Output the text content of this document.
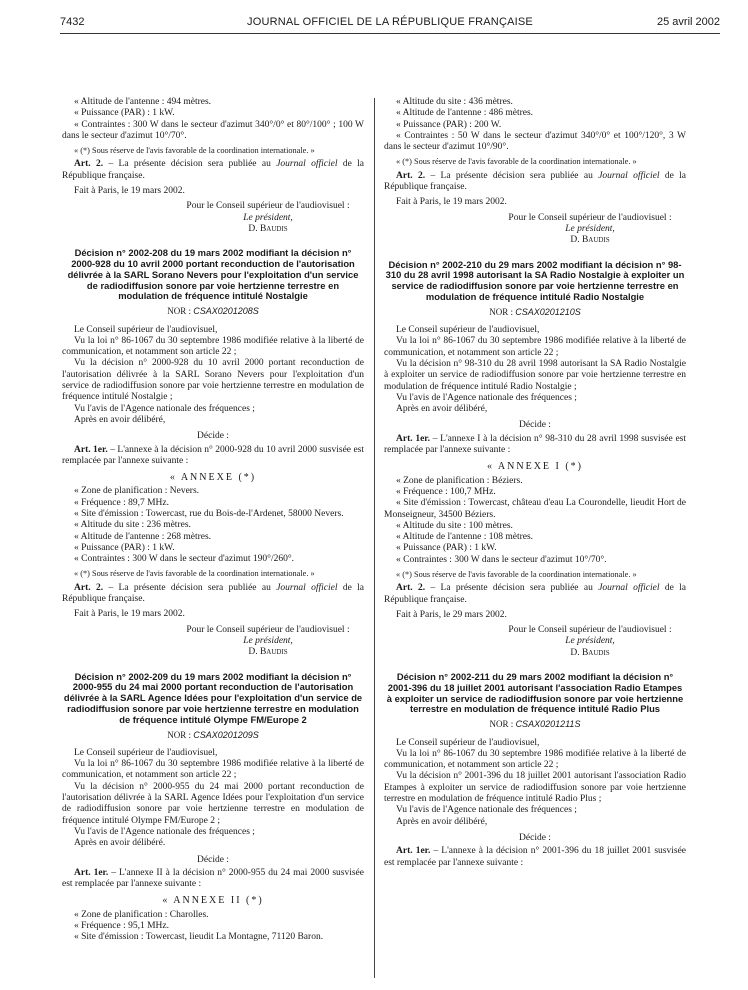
7432	JOURNAL OFFICIEL DE LA RÉPUBLIQUE FRANÇAISE	25 avril 2002

« Altitude de l'antenne : 494 mètres.

« Puissance (PAR) : 1 kW.

« Contraintes : 300 W dans le secteur d'azimut 340°/0° et 80°/100° ; 100 W dans le secteur d'azimut 10°/70°.

« (*) Sous réserve de l'avis favorable de la coordination internationale. »

Art. 2. – La présente décision sera publiée au Journal officiel de la République française.

Fait à Paris, le 19 mars 2002.

Pour le Conseil supérieur de l'audiovisuel :

Le président,

D. Baudis

Décision n° 2002-208 du 19 mars 2002 modifiant la décision n° 2000-928 du 10 avril 2000 portant reconduction de l'autorisation délivrée à la SARL Sorano Nevers pour l'exploitation d'un service de radiodiffusion sonore par voie hertzienne terrestre en modulation de fréquence intitulé Nostalgie

NOR : CSAX0201208S

Le Conseil supérieur de l'audiovisuel,

Vu la loi n° 86-1067 du 30 septembre 1986 modifiée relative à la liberté de communication, et notamment son article 22 ;

Vu la décision n° 2000-928 du 10 avril 2000 portant reconduction de l'autorisation délivrée à la SARL Sorano Nevers pour l'exploitation d'un service de radiodiffusion sonore par voie hertzienne terrestre en modulation de fréquence intitulé Nostalgie ;

Vu l'avis de l'Agence nationale des fréquences ;

Après en avoir délibéré,

Décide :

Art. 1er. – L'annexe à la décision n° 2000-928 du 10 avril 2000 susvisée est remplacée par l'annexe suivante :

« ANNEXE (*)

« Zone de planification : Nevers.

« Fréquence : 89,7 MHz.

« Site d'émission : Towercast, rue du Bois-de-l'Ardenet, 58000 Nevers.

« Altitude du site : 236 mètres.

« Altitude de l'antenne : 268 mètres.

« Puissance (PAR) : 1 kW.

« Contraintes : 300 W dans le secteur d'azimut 190°/260°.

« (*) Sous réserve de l'avis favorable de la coordination internationale. »

Art. 2. – La présente décision sera publiée au Journal officiel de la République française.

Fait à Paris, le 19 mars 2002.

Pour le Conseil supérieur de l'audiovisuel :

Le président,

D. Baudis

Décision n° 2002-209 du 19 mars 2002 modifiant la décision n° 2000-955 du 24 mai 2000 portant reconduction de l'autorisation délivrée à la SARL Agence Idées pour l'exploitation d'un service de radiodiffusion sonore par voie hertzienne terrestre en modulation de fréquence intitulé Olympe FM/Europe 2

NOR : CSAX0201209S

Le Conseil supérieur de l'audiovisuel,

Vu la loi n° 86-1067 du 30 septembre 1986 modifiée relative à la liberté de communication, et notamment son article 22 ;

Vu la décision n° 2000-955 du 24 mai 2000 portant reconduction de l'autorisation délivrée à la SARL Agence Idées pour l'exploitation d'un service de radiodiffusion sonore par voie hertzienne terrestre en modulation de fréquence intitulé Olympe FM/Europe 2 ;

Vu l'avis de l'Agence nationale des fréquences ;

Après en avoir délibéré.

Décide :

Art. 1er. – L'annexe II à la décision n° 2000-955 du 24 mai 2000 susvisée est remplacée par l'annexe suivante :

« ANNEXE II (*)

« Zone de planification : Charolles.

« Fréquence : 95,1 MHz.

« Site d'émission : Towercast, lieudit La Montagne, 71120 Baron.

« Altitude du site : 436 mètres.

« Altitude de l'antenne : 486 mètres.

« Puissance (PAR) : 200 W.

« Contraintes : 50 W dans le secteur d'azimut 340°/0° et 100°/120°, 3 W dans le secteur d'azimut 10°/90°.

« (*) Sous réserve de l'avis favorable de la coordination internationale. »

Art. 2. – La présente décision sera publiée au Journal officiel de la République française.

Fait à Paris, le 19 mars 2002.

Pour le Conseil supérieur de l'audiovisuel :

Le président,

D. Baudis

Décision n° 2002-210 du 29 mars 2002 modifiant la décision n° 98-310 du 28 avril 1998 autorisant la SA Radio Nostalgie à exploiter un service de radiodiffusion sonore par voie hertzienne terrestre en modulation de fréquence intitulé Radio Nostalgie

NOR : CSAX0201210S

Le Conseil supérieur de l'audiovisuel,

Vu la loi n° 86-1067 du 30 septembre 1986 modifiée relative à la liberté de communication, et notamment son article 22 ;

Vu la décision n° 98-310 du 28 avril 1998 autorisant la SA Radio Nostalgie à exploiter un service de radiodiffusion sonore par voie hertzienne terrestre en modulation de fréquence intitulé Radio Nostalgie ;

Vu l'avis de l'Agence nationale des fréquences ;

Après en avoir délibéré,

Décide :

Art. 1er. – L'annexe I à la décision n° 98-310 du 28 avril 1998 susvisée est remplacée par l'annexe suivante :

« ANNEXE I (*)

« Zone de planification : Béziers.

« Fréquence : 100,7 MHz.

« Site d'émission : Towercast, château d'eau La Courondelle, lieudit Hort de Monseigneur, 34500 Béziers.

« Altitude du site : 100 mètres.

« Altitude de l'antenne : 108 mètres.

« Puissance (PAR) : 1 kW.

« Contraintes : 300 W dans le secteur d'azimut 10°/70°.

« (*) Sous réserve de l'avis favorable de la coordination internationale. »

Art. 2. – La présente décision sera publiée au Journal officiel de la République française.

Fait à Paris, le 29 mars 2002.

Pour le Conseil supérieur de l'audiovisuel :

Le président,

D. Baudis

Décision n° 2002-211 du 29 mars 2002 modifiant la décision n° 2001-396 du 18 juillet 2001 autorisant l'association Radio Etampes à exploiter un service de radiodiffusion sonore par voie hertzienne terrestre en modulation de fréquence intitulé Radio Plus

NOR : CSAX0201211S

Le Conseil supérieur de l'audiovisuel,

Vu la loi n° 86-1067 du 30 septembre 1986 modifiée relative à la liberté de communication, et notamment son article 22 ;

Vu la décision n° 2001-396 du 18 juillet 2001 autorisant l'association Radio Etampes à exploiter un service de radiodiffusion sonore par voie hertzienne terrestre en modulation de fréquence intitulé Radio Plus ;

Vu l'avis de l'Agence nationale des fréquences ;

Après en avoir délibéré,

Décide :

Art. 1er. – L'annexe à la décision n° 2001-396 du 18 juillet 2001 susvisée est remplacée par l'annexe suivante :
